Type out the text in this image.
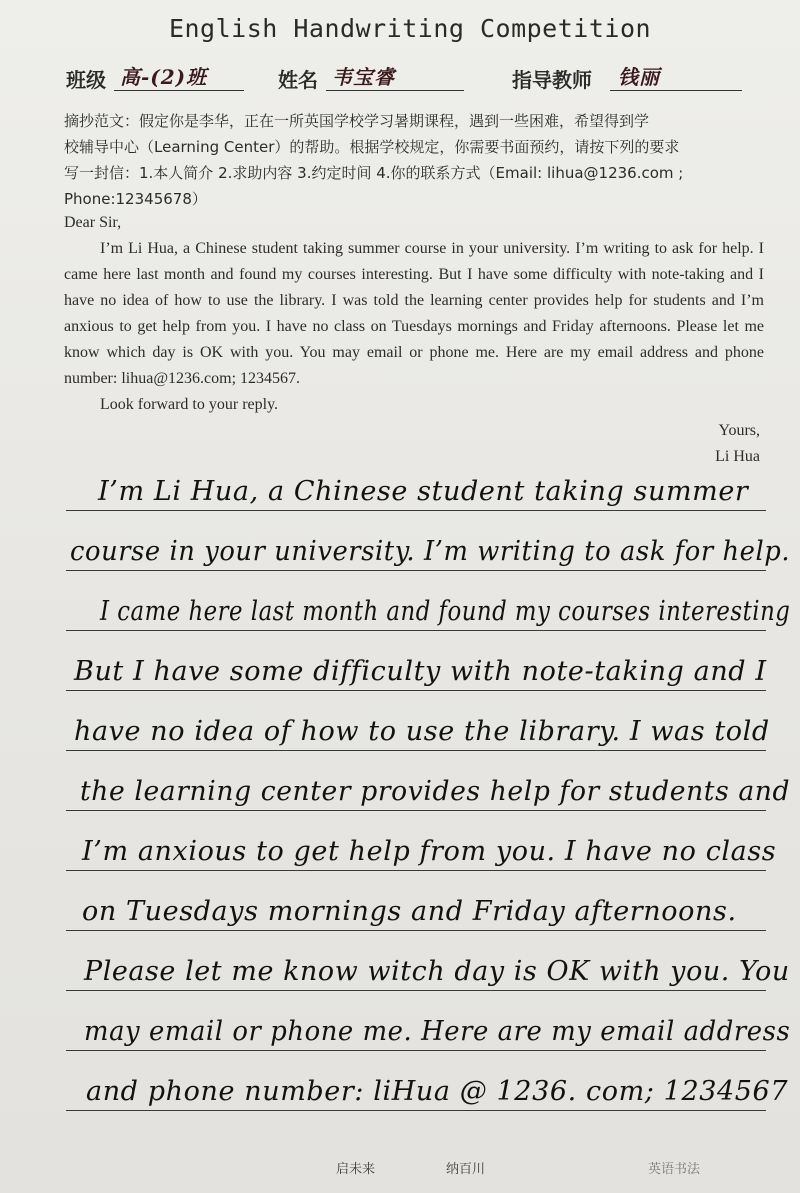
English Handwriting Competition
班级 高-(2)班	姓名 韦宝睿	指导教师 钱丽
摘抄范文：假定你是李华，正在一所英国学校学习暑期课程，遇到一些困难，希望得到学
校辅导中心（Learning Center）的帮助。根据学校规定，你需要书面预约，请按下列的要求
写一封信：1.本人简介 2.求助内容 3.约定时间 4.你的联系方式（Email: lihua@1236.com ;
Phone:12345678）

Dear Sir,

I’m Li Hua, a Chinese student taking summer course in your university. I’m writing to ask for help. I came here last month and found my courses interesting. But I have some difficulty with note-taking and I have no idea of how to use the library. I was told the learning center provides help for students and I’m anxious to get help from you. I have no class on Tuesdays mornings and Friday afternoons. Please let me know which day is OK with you. You may email or phone me. Here are my email address and phone number: lihua@1236.com; 1234567.

Look forward to your reply.

Yours,

Li Hua

I’m Li Hua, a Chinese student taking summer
course in your university. I’m writing to ask for help.
I came here last month and found my courses interesting
But I have some difficulty with note-taking and I
have no idea of how to use the library. I was told
the learning center provides help for students and
I’m anxious to get help from you. I have no class
on Tuesdays mornings and Friday afternoons.
Please let me know witch day is OK with you. You
may email or phone me. Here are my email address
and phone number: liHua @ 1236. com; 1234567
启未来	纳百川	英语书法
